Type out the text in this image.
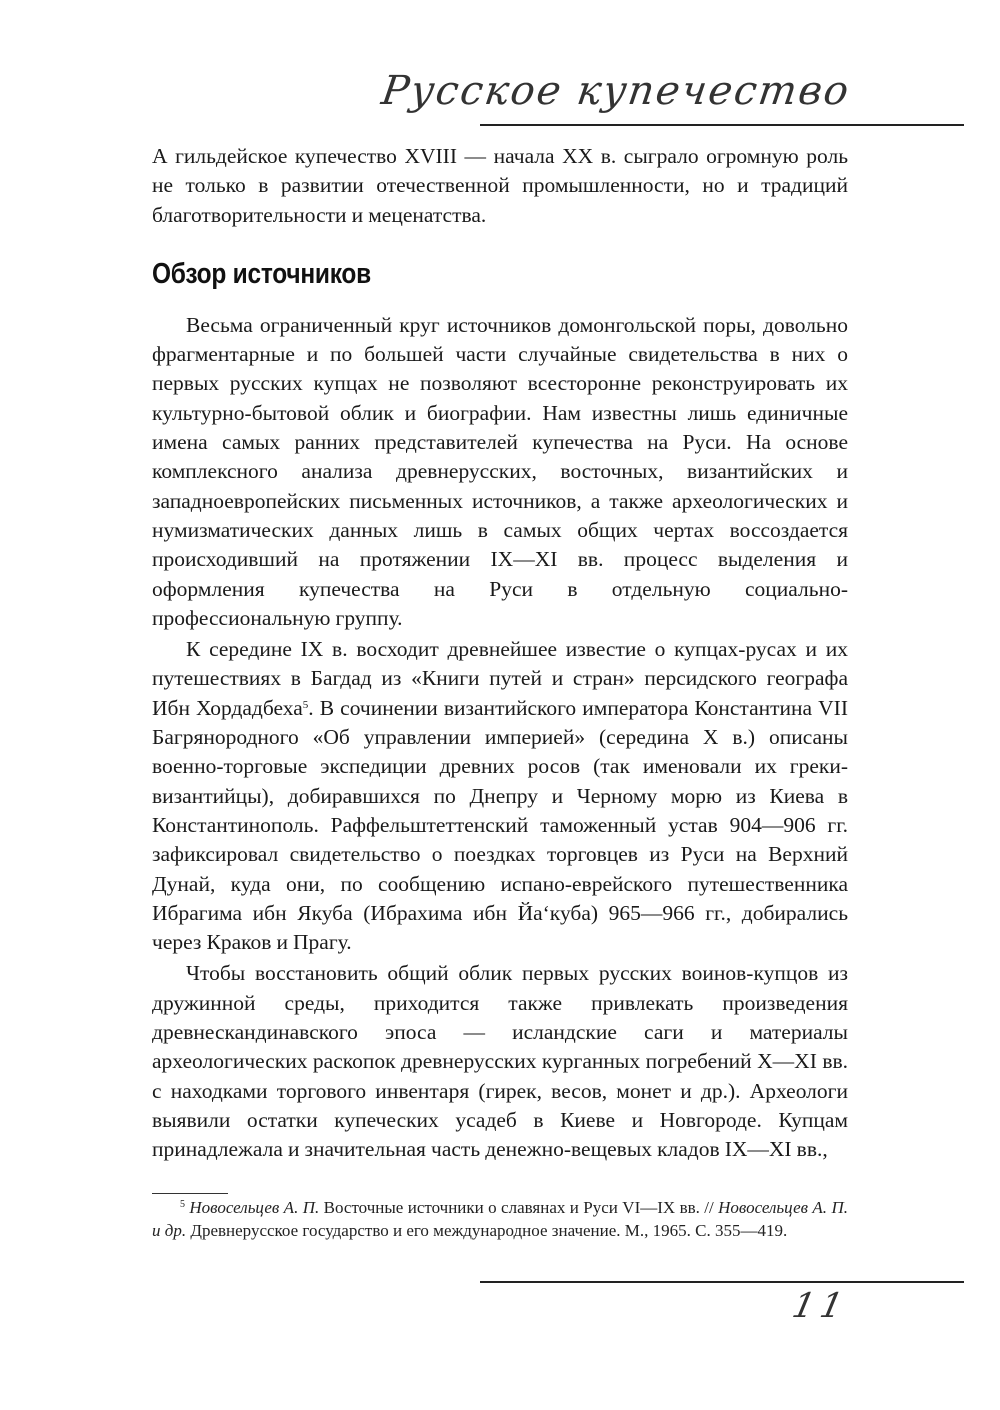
Русское купечество

А гильдейское купечество XVIII — начала XX в. сыграло огромную роль не только в развитии отечественной промышленности, но и традиций благотворительности и меценатства.

Обзор источников

Весьма ограниченный круг источников домонгольской поры, довольно фрагментарные и по большей части случайные свидетельства в них о первых русских купцах не позволяют всесторонне реконструировать их культурно-бытовой облик и биографии. Нам известны лишь единичные имена самых ранних представителей купечества на Руси. На основе комплексного анализа древнерусских, восточных, византийских и западноевропейских письменных источников, а также археологических и нумизматических данных лишь в самых общих чертах воссоздается происходивший на протяжении IX—XI вв. процесс выделения и оформления купечества на Руси в отдельную социально-профессиональную группу.

К середине IX в. восходит древнейшее известие о купцах-русах и их путешествиях в Багдад из «Книги путей и стран» персидского географа Ибн Хордадбеха$^5$. В сочинении византийского императора Константина VII Багрянородного «Об управлении империей» (середина X в.) описаны военно-торговые экспедиции древних росов (так именовали их греки-византийцы), добиравшихся по Днепру и Черному морю из Киева в Константинополь. Раффельштеттенский таможенный устав 904—906 гг. зафиксировал свидетельство о поездках торговцев из Руси на Верхний Дунай, куда они, по сообщению испано-еврейского путешественника Ибрагима ибн Якуба (Ибрахима ибн Йа‘куба) 965—966 гг., добирались через Краков и Прагу.

Чтобы восстановить общий облик первых русских воинов-купцов из дружинной среды, приходится также привлекать произведения древнескандинавского эпоса — исландские саги и материалы археологических раскопок древнерусских курганных погребений X—XI вв. с находками торгового инвентаря (гирек, весов, монет и др.). Археологи выявили остатки купеческих усадеб в Киеве и Новгороде. Купцам принадлежала и значительная часть денежно-вещевых кладов IX—XI вв.,

$^5$ Новосельцев А. П. Восточные источники о славянах и Руси VI—IX вв. // Новосельцев А. П. и др. Древнерусское государство и его международное значение. М., 1965. С. 355—419.

11
